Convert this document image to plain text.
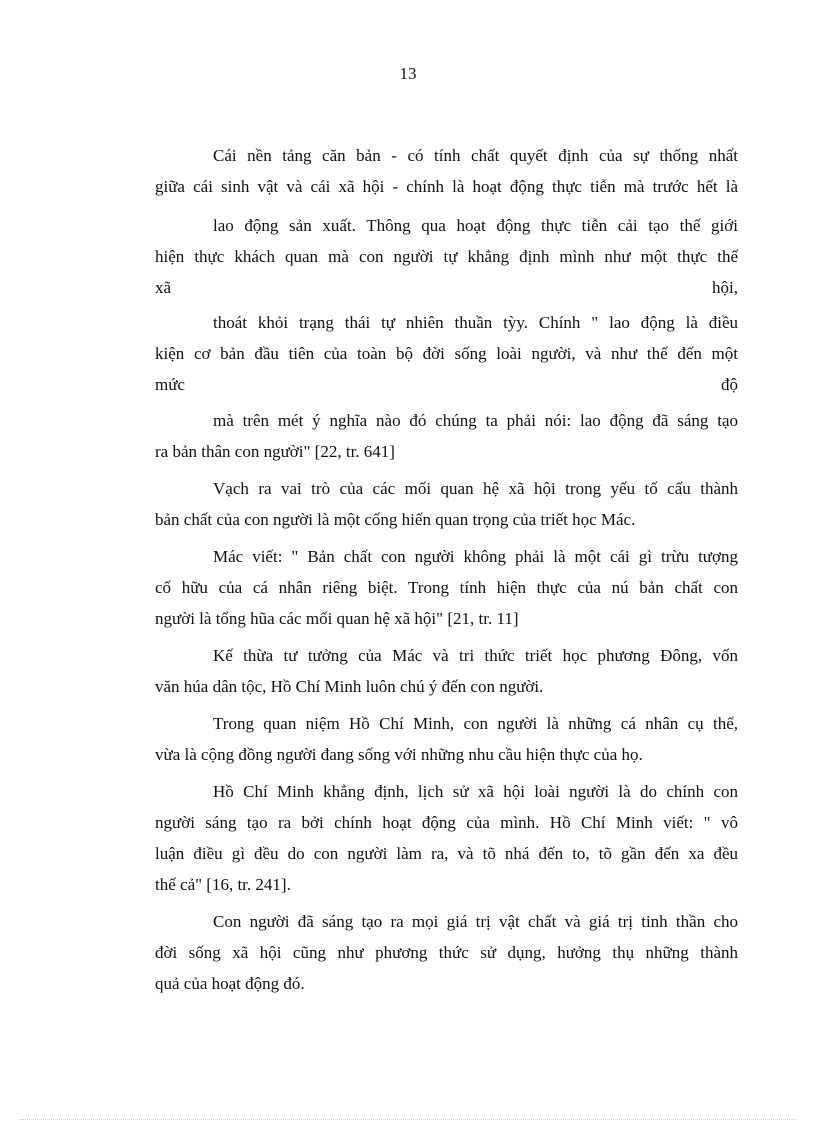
13
Cái nền tảng căn bản - có tính chất quyết định của sự thống nhất
giữa cái sinh vật và cái xã hội - chính là hoạt động thực tiễn mà trước hết là
lao động sản xuất. Thông qua hoạt động thực tiễn cải tạo thế giới
hiện thực khách quan mà con người tự khẳng định mình như một thực thể
xã	hội,
thoát khỏi trạng thái tự nhiên thuần tỳy. Chính " lao động là điều
kiện cơ bản đầu tiên của toàn bộ đời sống loài người, và như thế đến một
mức	độ
mà trên mét ý nghĩa nào đó chúng ta phải nói: lao động đã sáng tạo
ra bản thân con người" [22, tr. 641]
Vạch ra vai trò của các mối quan hệ xã hội trong yếu tố cấu thành
bản chất của con người là một cống hiến quan trọng của triết học Mác.
Mác viết: " Bản chất con người không phải là một cái gì trừu tượng
cố hữu của cá nhân riêng biệt. Trong tính hiện thực của nú bản chất con
người là tổng hũa các mối quan hệ xã hội" [21, tr. 11]
Kế thừa tư tưởng của Mác và tri thức triết học phương Đông, vốn
văn húa dân tộc, Hồ Chí Minh luôn chú ý đến con người.
Trong quan niệm Hồ Chí Minh, con người là những cá nhân cụ thể,
vừa là cộng đồng người đang sống với những nhu cầu hiện thực của họ.
Hồ Chí Minh khẳng định, lịch sử xã hội loài người là do chính con
người sáng tạo ra bởi chính hoạt động của mình. Hồ Chí Minh viết: " vô
luận điều gì đều do con người làm ra, và tõ nhá đến to, tõ gần đến xa đều
thế cả" [16, tr. 241].
Con người đã sáng tạo ra mọi giá trị vật chất và giá trị tinh thần cho
đời sống xã hội cũng như phương thức sử dụng, hưởng thụ những thành
quả của hoạt động đó.
